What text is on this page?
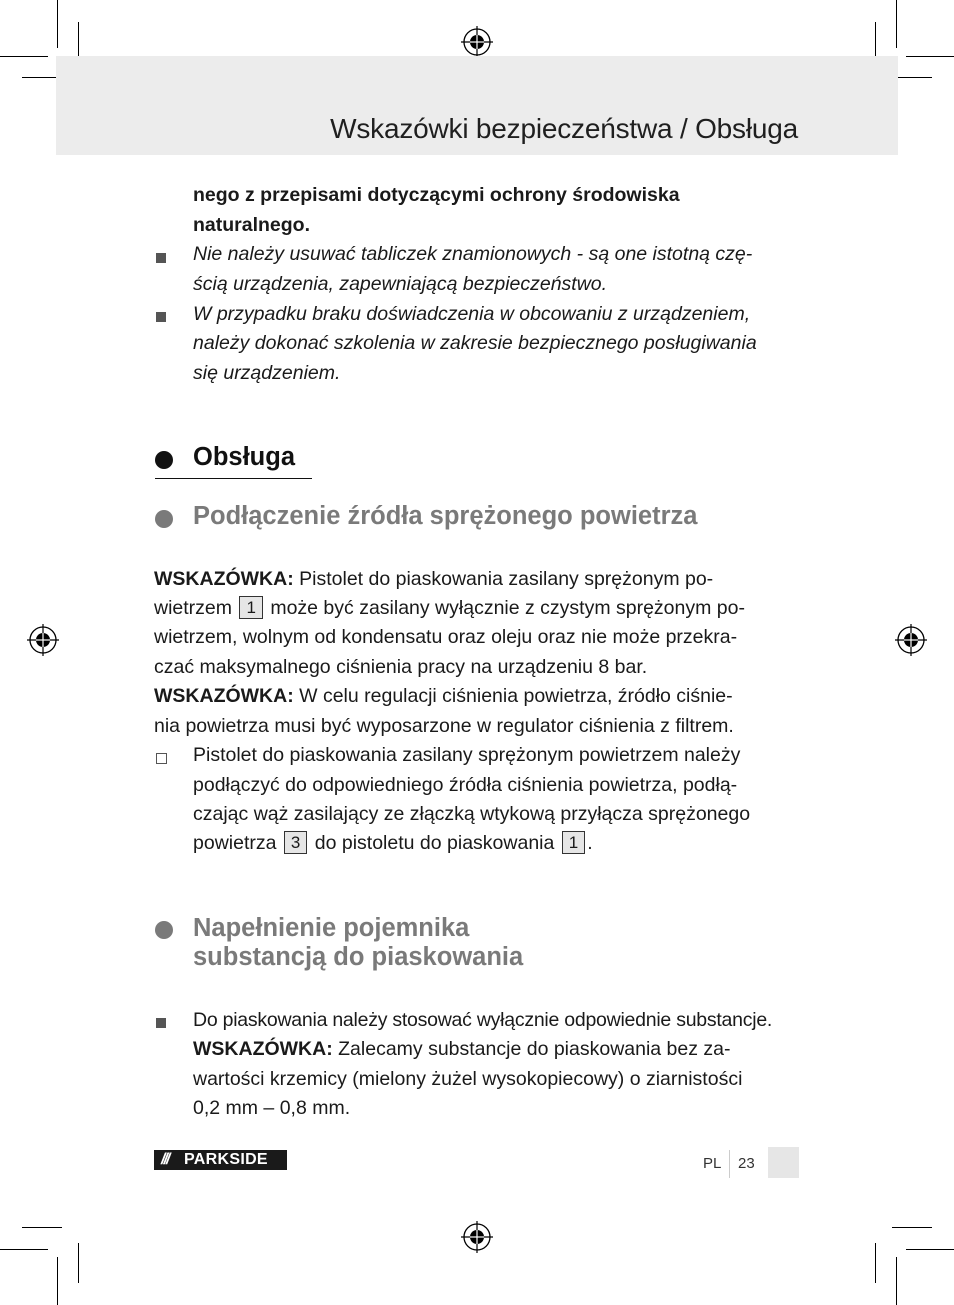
Wskazówki bezpieczeństwa / Obsługa
nego z przepisami dotyczącymi ochrony środowiska
naturalnego.
Nie należy usuwać tabliczek znamionowych - są one istotną czę-
ścią urządzenia, zapewniającą bezpieczeństwo.
W przypadku braku doświadczenia w obcowaniu z urządzeniem,
należy dokonać szkolenia w zakresie bezpiecznego posługiwania
się urządzeniem.
Obsługa
Podłączenie źródła sprężonego powietrza
WSKAZÓWKA: Pistolet do piaskowania zasilany sprężonym po-
wietrzem 1 może być zasilany wyłącznie z czystym sprężonym po-
wietrzem, wolnym od kondensatu oraz oleju oraz nie może przekra-
czać maksymalnego ciśnienia pracy na urządzeniu 8 bar.
WSKAZÓWKA: W celu regulacji ciśnienia powietrza, źródło ciśnie-
nia powietrza musi być wyposarzone w regulator ciśnienia z filtrem.
Pistolet do piaskowania zasilany sprężonym powietrzem należy
podłączyć do odpowiedniego źródła ciśnienia powietrza, podłą-
czając wąż zasilający ze złączką wtykową przyłącza sprężonego
powietrza 3 do pistoletu do piaskowania 1 .
Napełnienie pojemnika
substancją do piaskowania
Do piaskowania należy stosować wyłącznie odpowiednie substancje.
WSKAZÓWKA: Zalecamy substancje do piaskowania bez za-
wartości krzemicy (mielony żużel wysokopiecowy) o ziarnistości
0,2 mm – 0,8 mm.
/// PARKSIDE	PL 23
